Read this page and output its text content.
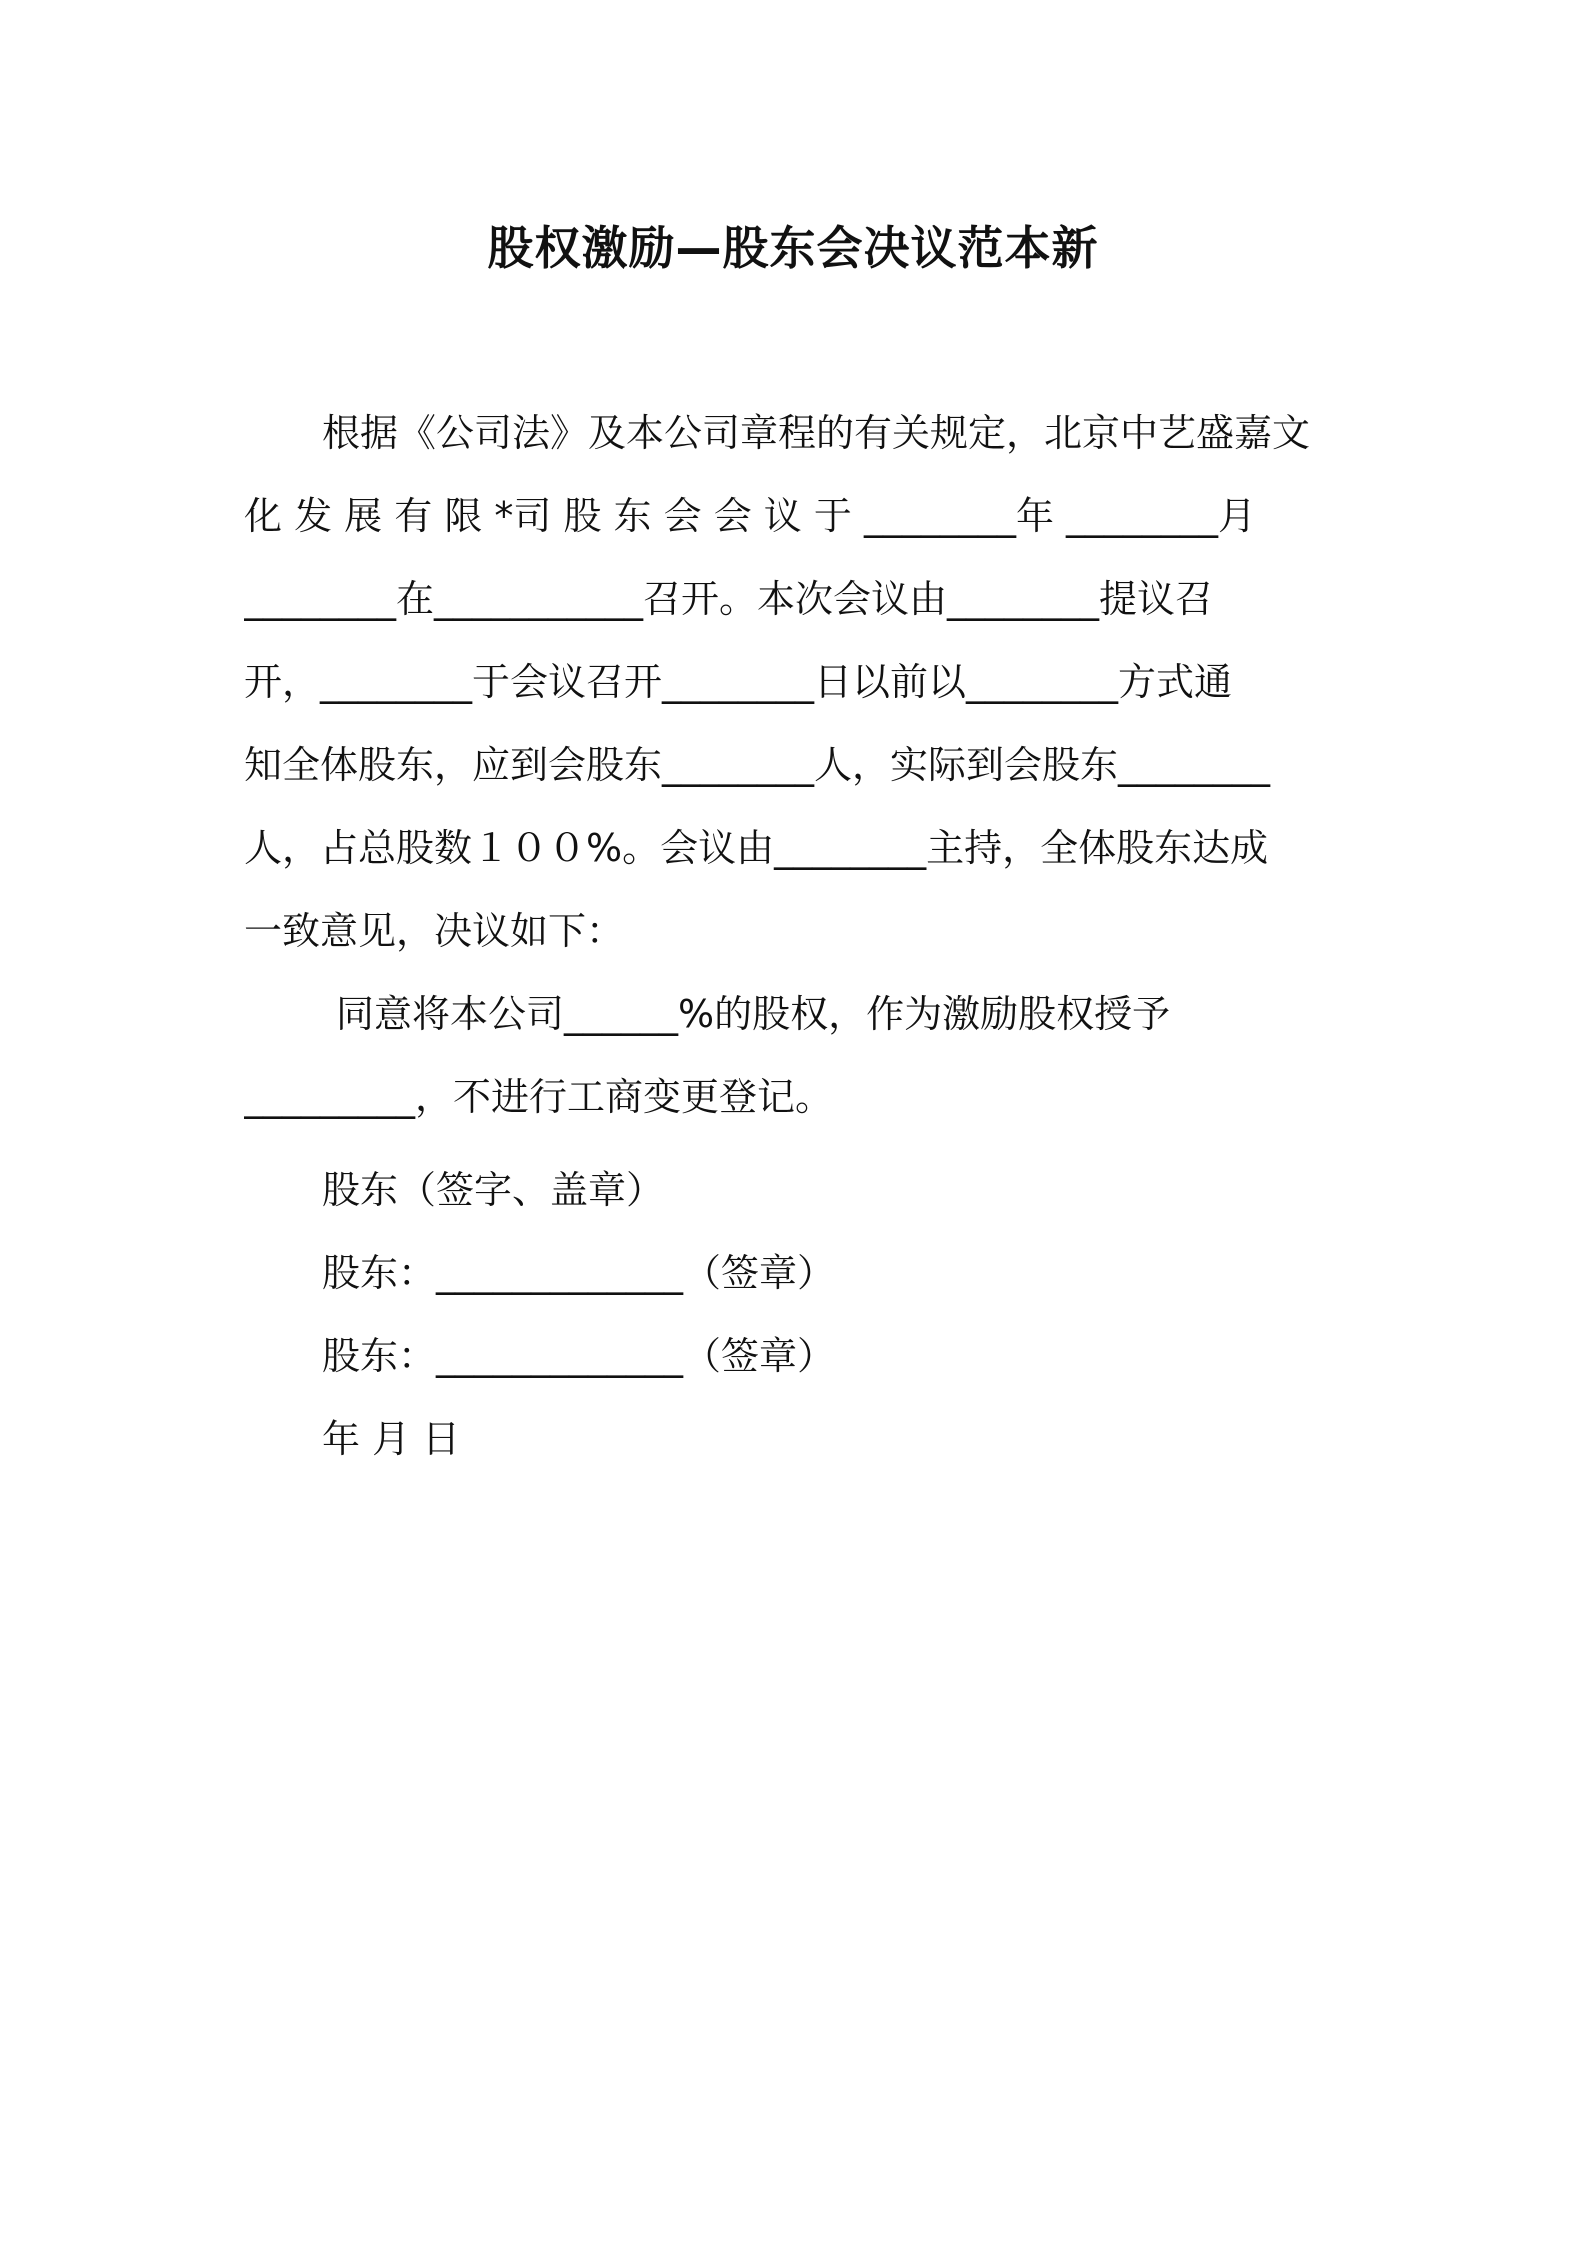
股权激励—股东会决议范本新
根据《公司法》及本公司章程的有关规定，北京中艺盛嘉文
化 发 展 有 限 *司 股 东 会 会 议 于 ________年 ________月
________在___________召开。本次会议由________提议召
开，________于会议召开________日以前以________方式通
知全体股东，应到会股东________人，实际到会股东________
人，占总股数１００%。会议由________主持，全体股东达成
一致意见，决议如下：
同意将本公司______%的股权，作为激励股权授予
_________，不进行工商变更登记。
股东（签字、盖章）
股东：_____________（签章）
股东：_____________（签章）
年 月 日
